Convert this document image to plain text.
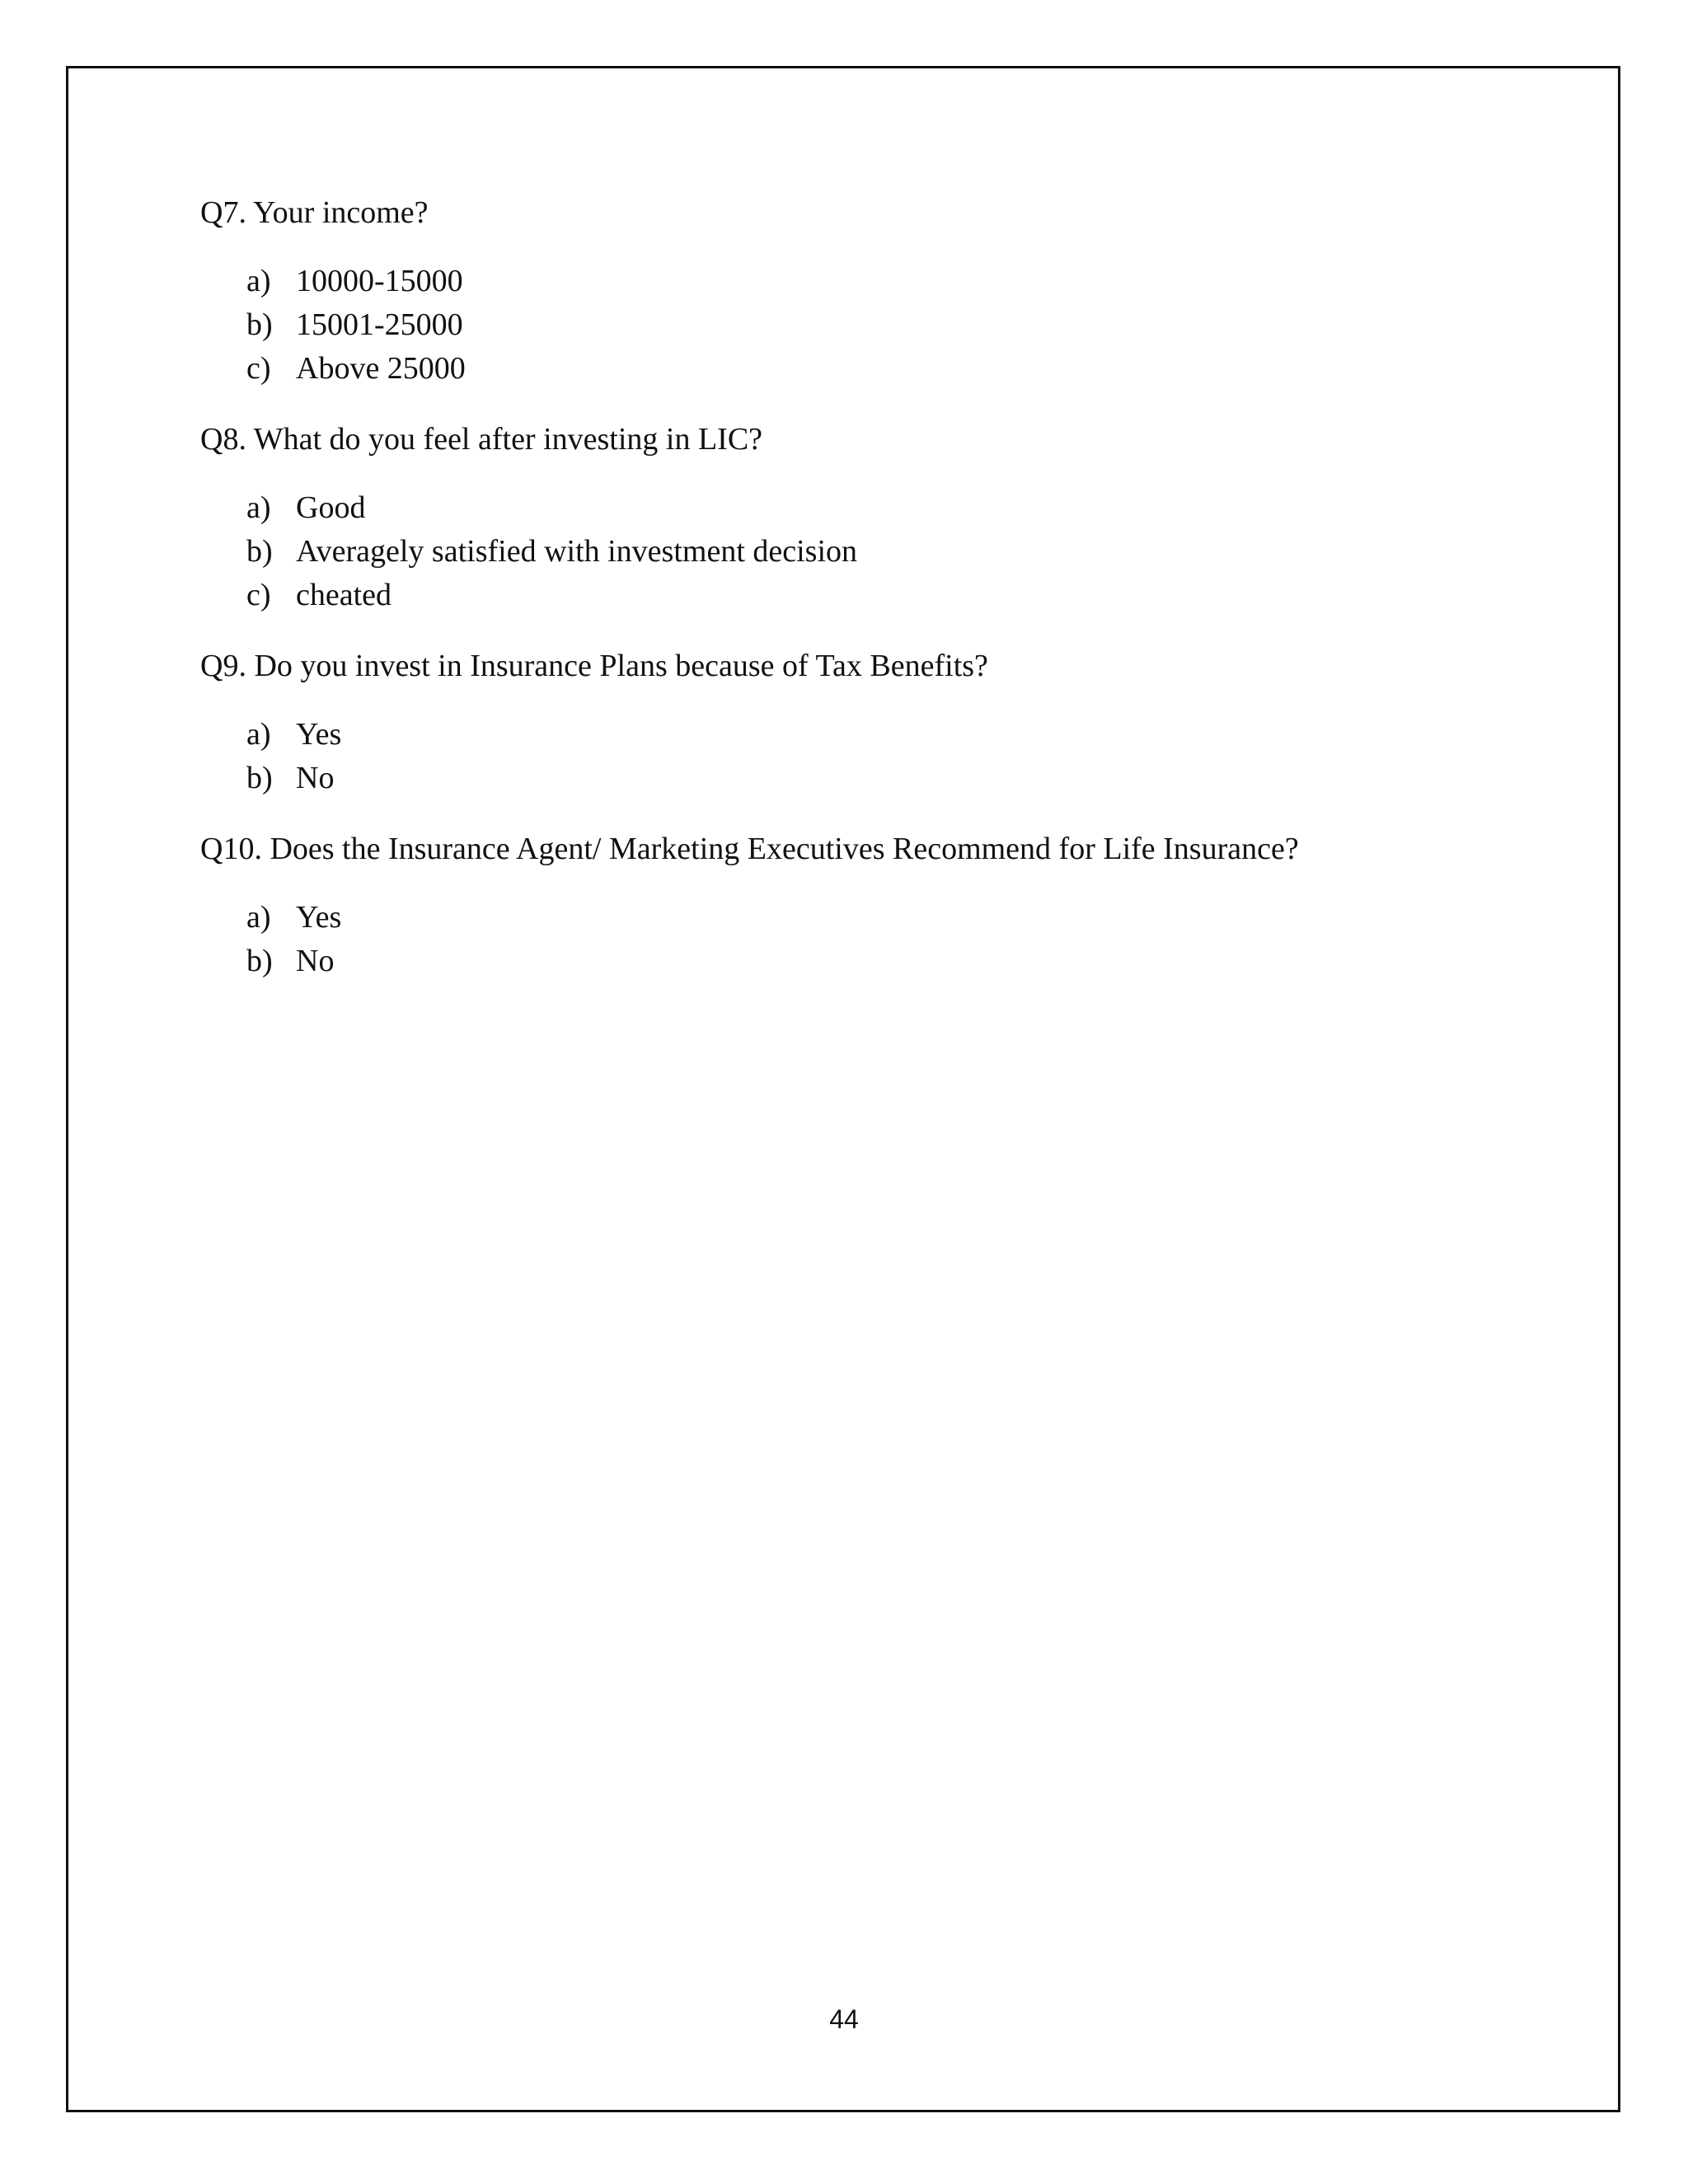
Q7. Your income?

a) 10000-15000
b) 15001-25000
c) Above 25000

Q8. What do you feel after investing in LIC?

a) Good
b) Averagely satisfied with investment decision
c) cheated

Q9. Do you invest in Insurance Plans because of Tax Benefits?

a) Yes
b) No

Q10. Does the Insurance Agent/ Marketing Executives Recommend for Life Insurance?

a) Yes
b) No
44
